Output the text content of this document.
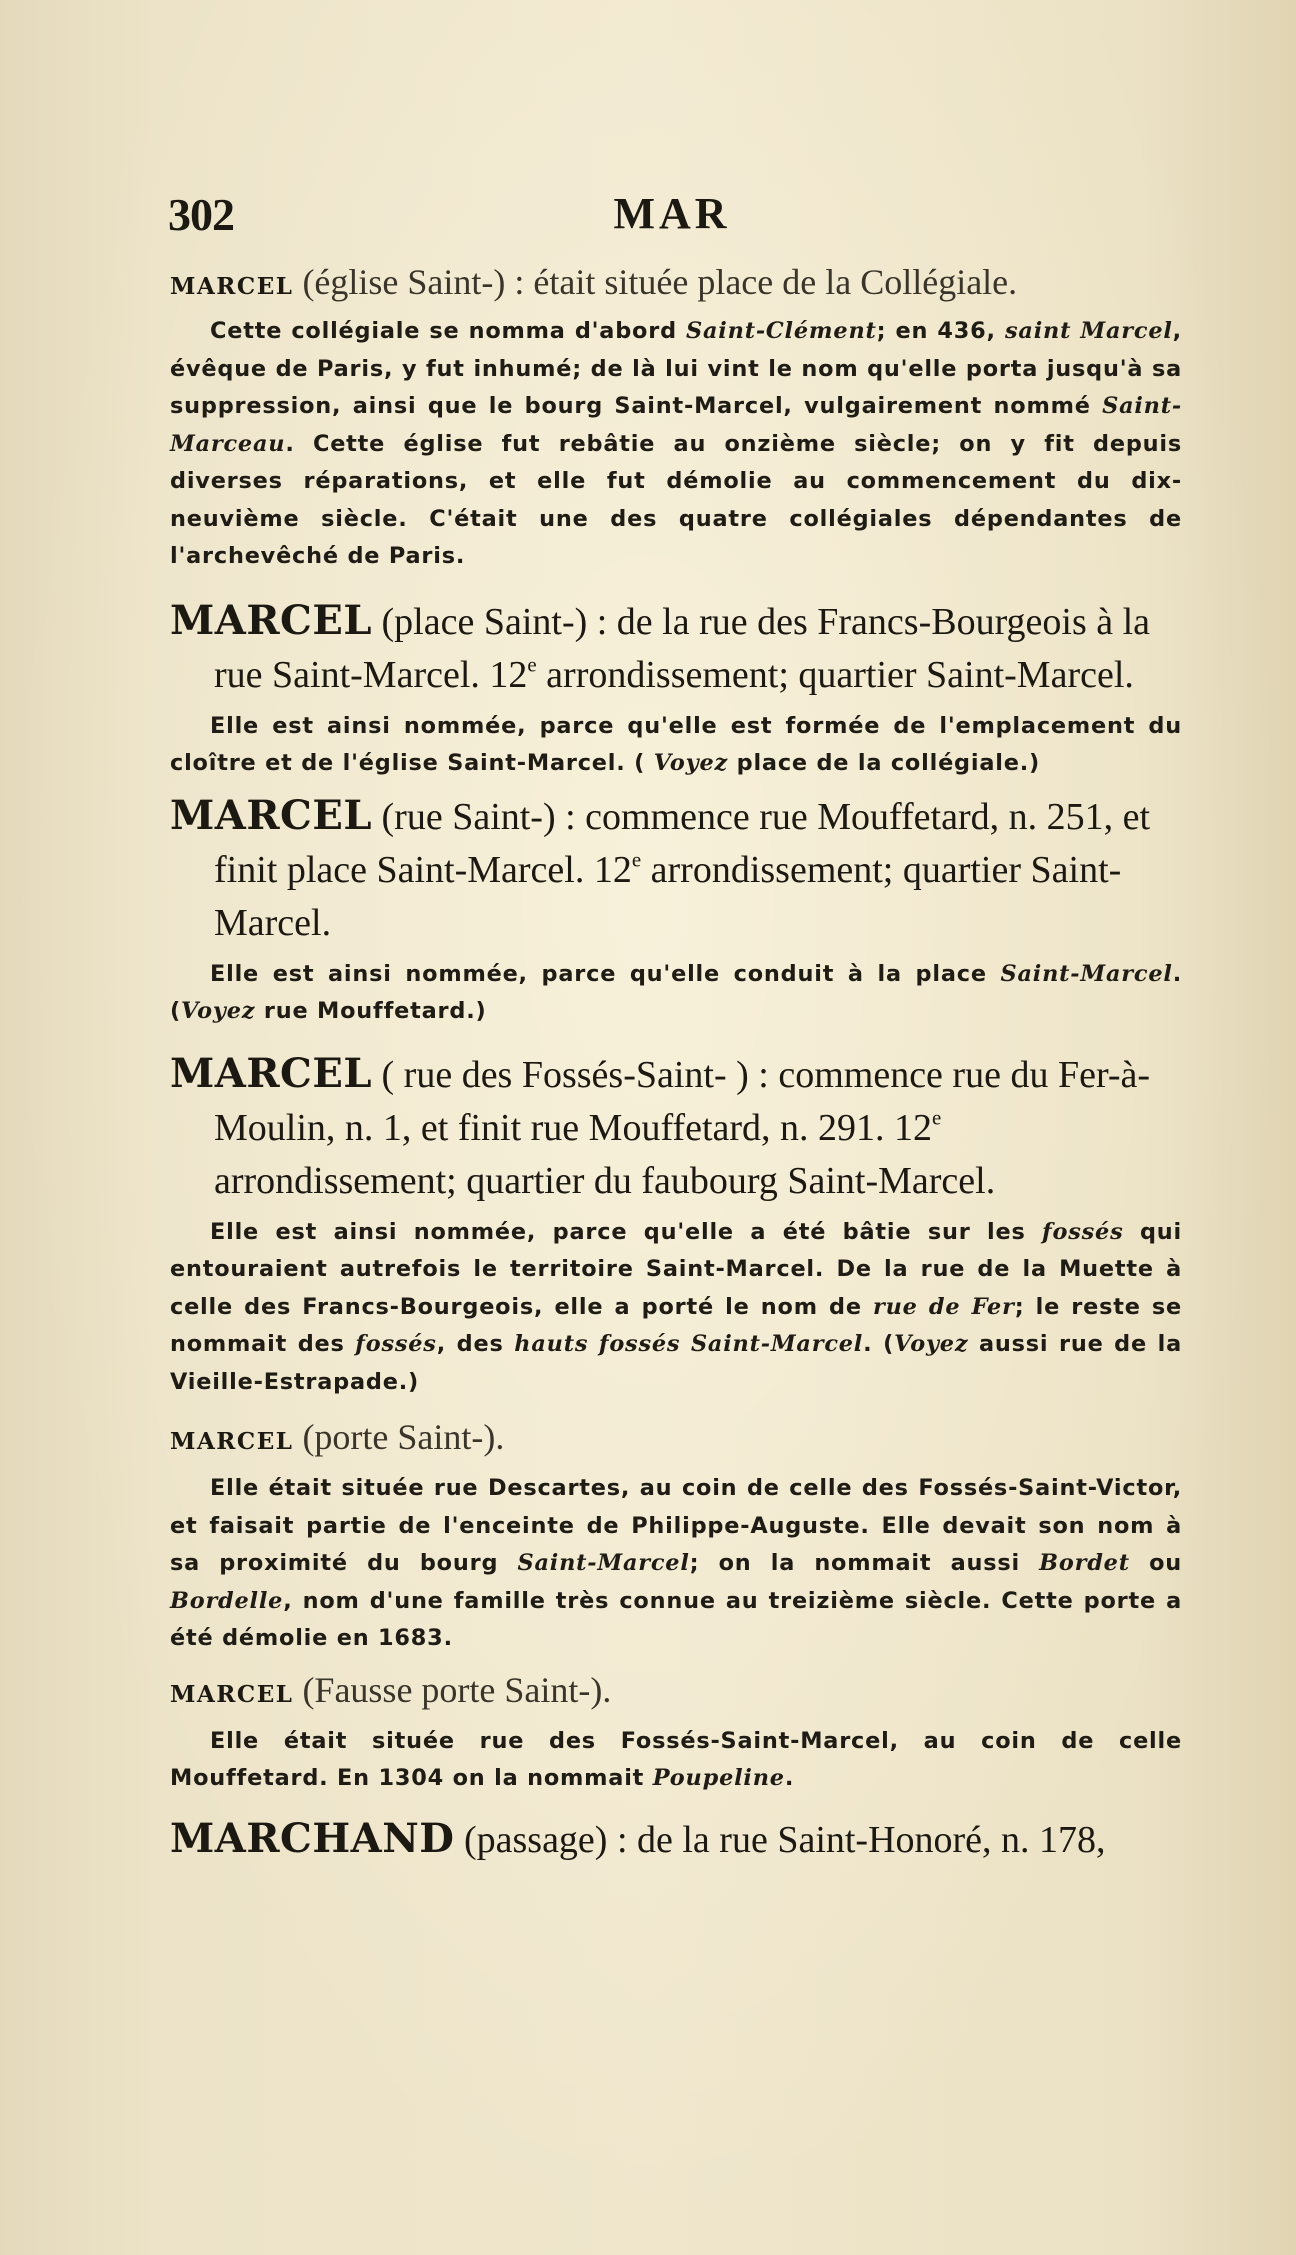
302	MAR

MARCEL (église Saint-) : était située place de la Collégiale.

Cette collégiale se nomma d'abord Saint-Clément; en 436, saint Marcel, évêque de Paris, y fut inhumé; de là lui vint le nom qu'elle porta jusqu'à sa suppression, ainsi que le bourg Saint-Marcel, vulgairement nommé Saint-Marceau. Cette église fut rebâtie au onzième siècle; on y fit depuis diverses réparations, et elle fut démolie au commencement du dix-neuvième siècle. C'était une des quatre collégiales dépendantes de l'archevêché de Paris.

MARCEL (place Saint-) : de la rue des Francs-Bourgeois à la rue Saint-Marcel. 12e arrondissement; quartier Saint-Marcel.

Elle est ainsi nommée, parce qu'elle est formée de l'emplacement du cloître et de l'église Saint-Marcel. ( Voyez place de la collégiale.)

MARCEL (rue Saint-) : commence rue Mouffetard, n. 251, et finit place Saint-Marcel. 12e arrondissement; quartier Saint-Marcel.

Elle est ainsi nommée, parce qu'elle conduit à la place Saint-Marcel. (Voyez rue Mouffetard.)

MARCEL ( rue des Fossés-Saint- ) : commence rue du Fer-à-Moulin, n. 1, et finit rue Mouffetard, n. 291. 12e arrondissement; quartier du faubourg Saint-Marcel.

Elle est ainsi nommée, parce qu'elle a été bâtie sur les fossés qui entouraient autrefois le territoire Saint-Marcel. De la rue de la Muette à celle des Francs-Bourgeois, elle a porté le nom de rue de Fer; le reste se nommait des fossés, des hauts fossés Saint-Marcel. (Voyez aussi rue de la Vieille-Estrapade.)

MARCEL (porte Saint-).

Elle était située rue Descartes, au coin de celle des Fossés-Saint-Victor, et faisait partie de l'enceinte de Philippe-Auguste. Elle devait son nom à sa proximité du bourg Saint-Marcel; on la nommait aussi Bordet ou Bordelle, nom d'une famille très connue au treizième siècle. Cette porte a été démolie en 1683.

MARCEL (Fausse porte Saint-).

Elle était située rue des Fossés-Saint-Marcel, au coin de celle Mouffetard. En 1304 on la nommait Poupeline.

MARCHAND (passage) : de la rue Saint-Honoré, n. 178,
